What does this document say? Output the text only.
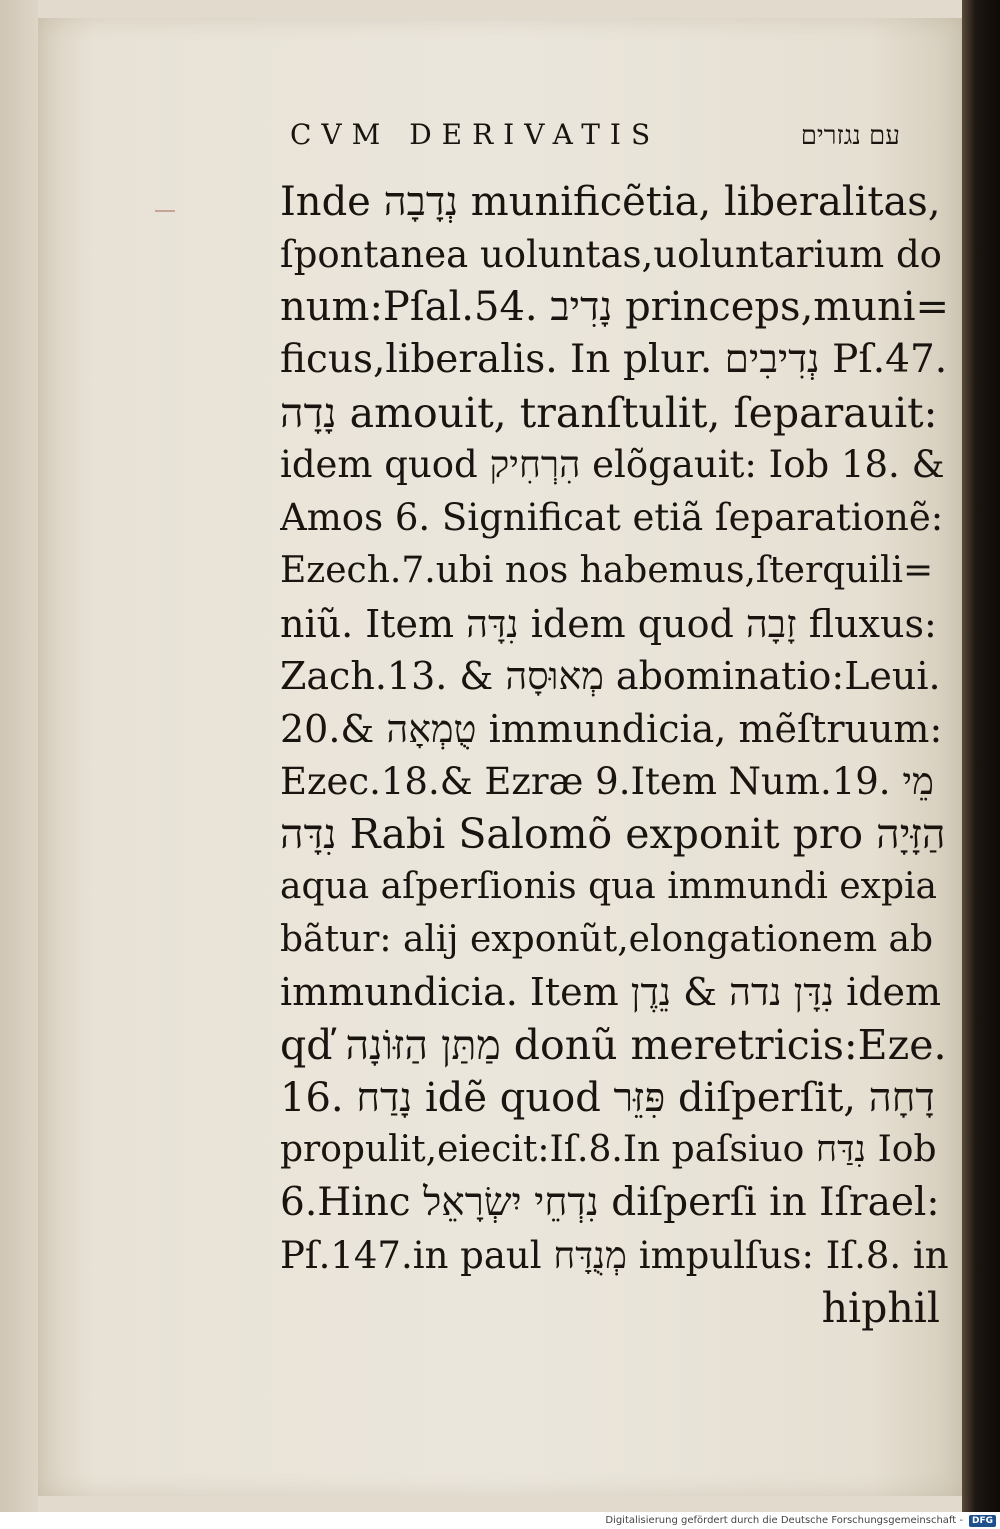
CVM DERIVATIS	עם נגזרים
Inde נְדָבָה munificẽtia, liberalitas,
ſpontanea uoluntas,uoluntarium do
num:Pſal.54. נָדִיב princeps,muni=
ficus,liberalis. In plur. נְדִיבִים Pſ.47.
נָדָה amouit, tranſtulit, ſeparauit:
idem quod הִרְחִיק elõgauit: Iob 18. &
Amos 6. Significat etiã ſeparationẽ:
Ezech.7.ubi nos habemus,ſterquili=
niũ. Item נִדָּה idem quod זָבָה fluxus:
Zach.13. & מְאוּסָה abominatio:Leui.
20.& טֻמְאָה immundicia, mẽſtruum:
Ezec.18.& Ezræ 9.Item Num.19. מֵי
נִדָּה Rabi Salomõ exponit pro הַזָּיָה
aqua aſperſionis qua immundi expia
bãtur: alij exponũt,elongationem ab
immundicia. Item נִדָּן נדה & נֵדֶן idem
qď מַתַּן הַזּוֹנָה donũ meretricis:Eze.
16. נָדַח idẽ quod פִּזֵּר diſperſit, דָחָה
propulit,eiecit:Iſ.8.In paſsiuo נִדַּח Iob
6.Hinc נִדְחֵי יִשְׂרָאֵל diſperſi in Iſrael:
Pſ.147.in paul מְנֻדָּח impulſus: Iſ.8. in
hiphil
Digitalisierung gefördert durch die Deutsche Forschungsgemeinschaft -	DFG
